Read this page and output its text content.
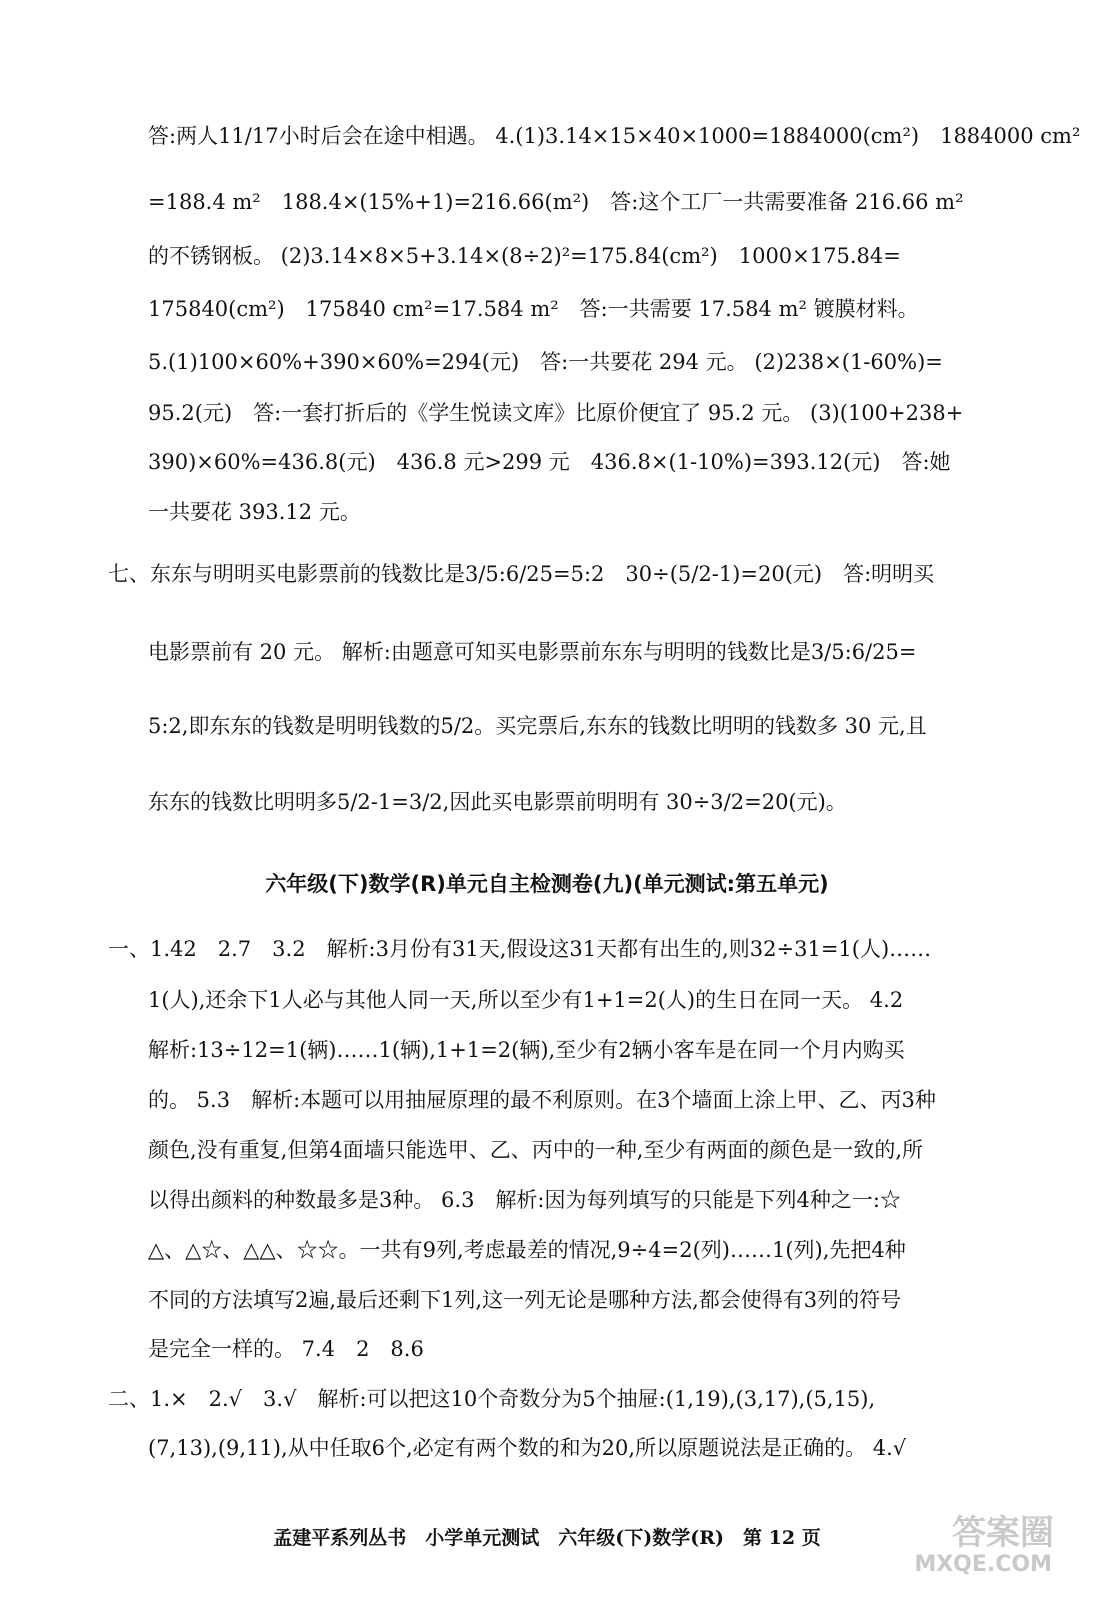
答:两人11/17小时后会在途中相遇。 4.(1)3.14×15×40×1000=1884000(cm²)　1884000 cm²
=188.4 m²　188.4×(15%+1)=216.66(m²)　答:这个工厂一共需要准备 216.66 m²
的不锈钢板。 (2)3.14×8×5+3.14×(8÷2)²=175.84(cm²)　1000×175.84=
175840(cm²)　175840 cm²=17.584 m²　答:一共需要 17.584 m² 镀膜材料。
5.(1)100×60%+390×60%=294(元)　答:一共要花 294 元。 (2)238×(1-60%)=
95.2(元)　答:一套打折后的《学生悦读文库》比原价便宜了 95.2 元。 (3)(100+238+
390)×60%=436.8(元)　436.8 元>299 元　436.8×(1-10%)=393.12(元)　答:她
一共要花 393.12 元。
七、东东与明明买电影票前的钱数比是3/5:6/25=5:2　30÷(5/2-1)=20(元)　答:明明买
电影票前有 20 元。 解析:由题意可知买电影票前东东与明明的钱数比是3/5:6/25=
5:2,即东东的钱数是明明钱数的5/2。买完票后,东东的钱数比明明的钱数多 30 元,且
东东的钱数比明明多5/2-1=3/2,因此买电影票前明明有 30÷3/2=20(元)。
六年级(下)数学(R)单元自主检测卷(九)(单元测试:第五单元)
一、1.42　2.7　3.2　解析:3月份有31天,假设这31天都有出生的,则32÷31=1(人)……
1(人),还余下1人必与其他人同一天,所以至少有1+1=2(人)的生日在同一天。 4.2
解析:13÷12=1(辆)……1(辆),1+1=2(辆),至少有2辆小客车是在同一个月内购买
的。 5.3　解析:本题可以用抽屉原理的最不利原则。在3个墙面上涂上甲、乙、丙3种
颜色,没有重复,但第4面墙只能选甲、乙、丙中的一种,至少有两面的颜色是一致的,所
以得出颜料的种数最多是3种。 6.3　解析:因为每列填写的只能是下列4种之一:☆
△、△☆、△△、☆☆。一共有9列,考虑最差的情况,9÷4=2(列)……1(列),先把4种
不同的方法填写2遍,最后还剩下1列,这一列无论是哪种方法,都会使得有3列的符号
是完全一样的。 7.4　2　8.6
二、1.×　2.√　3.√　解析:可以把这10个奇数分为5个抽屉:(1,19),(3,17),(5,15),
(7,13),(9,11),从中任取6个,必定有两个数的和为20,所以原题说法是正确的。 4.√
孟建平系列丛书　小学单元测试　六年级(下)数学(R)　第 12 页	答案圈
MXQE.COM
